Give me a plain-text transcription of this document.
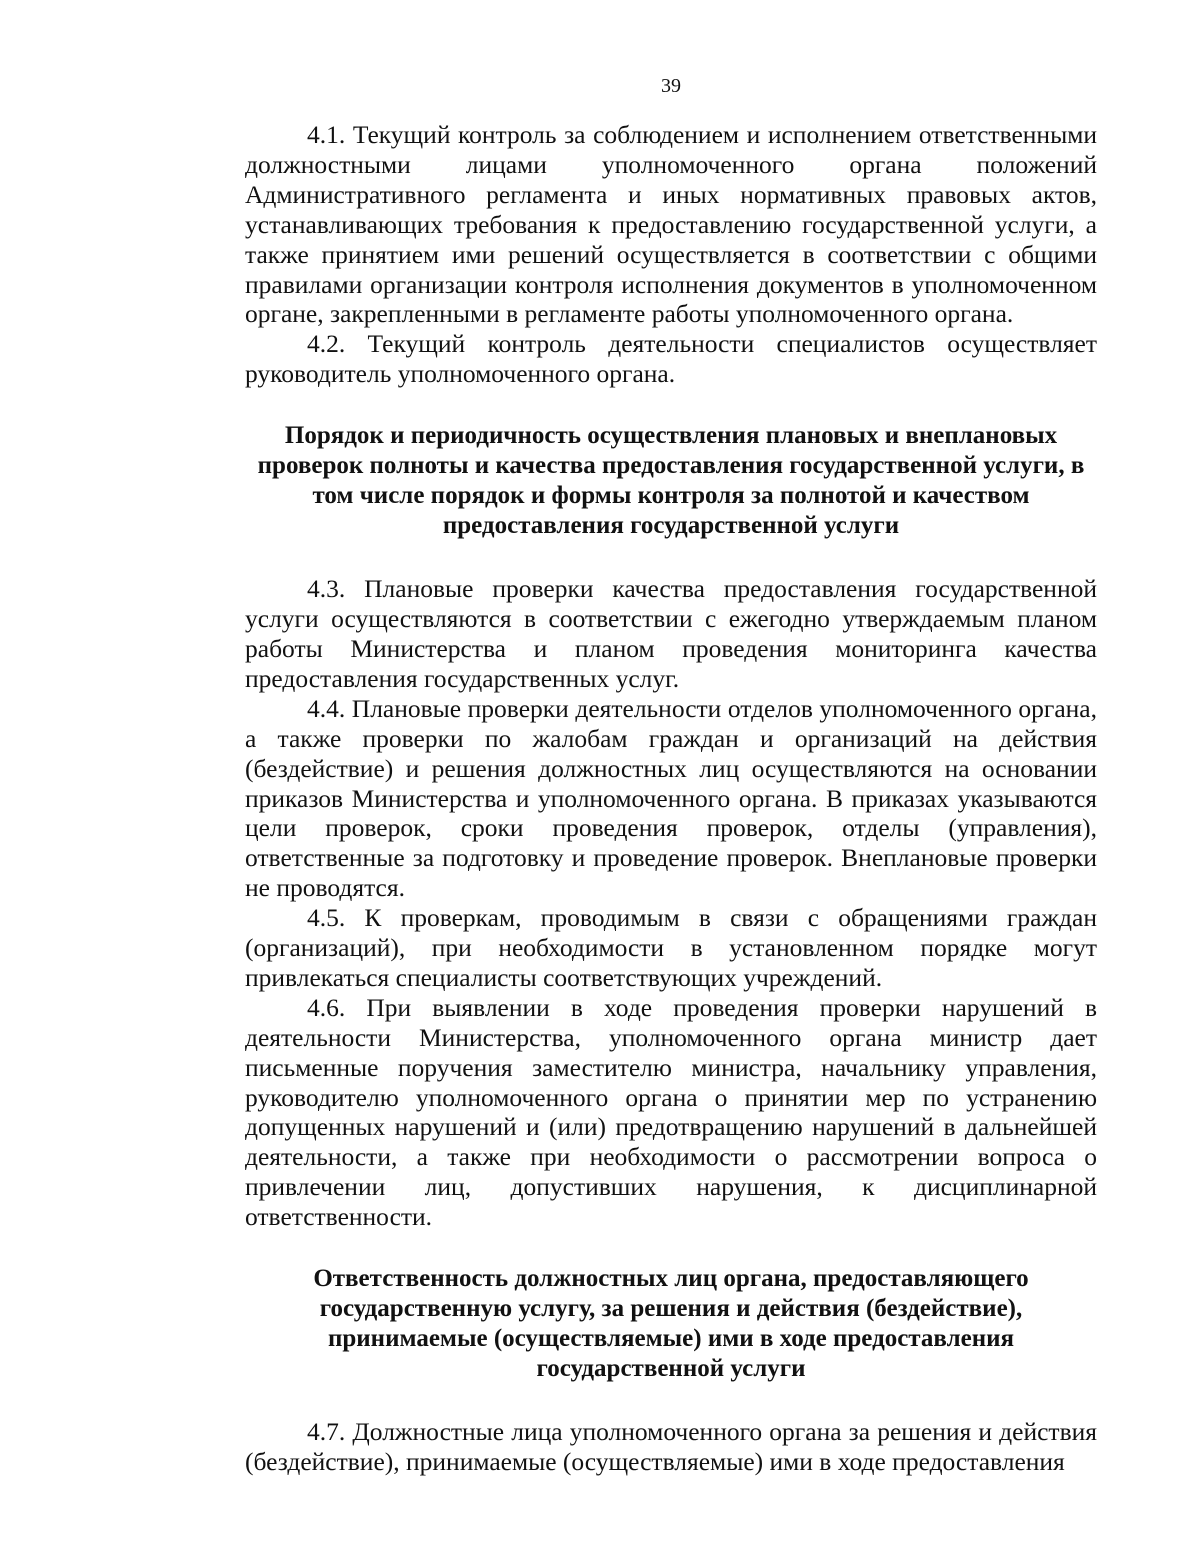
39

4.1. Текущий контроль за соблюдением и исполнением ответственными должностными лицами уполномоченного органа положений Административного регламента и иных нормативных правовых актов, устанавливающих требования к предоставлению государственной услуги, а также принятием ими решений осуществляется в соответствии с общими правилами организации контроля исполнения документов в уполномоченном органе, закрепленными в регламенте работы уполномоченного органа.

4.2. Текущий контроль деятельности специалистов осуществляет руководитель уполномоченного органа.

Порядок и периодичность осуществления плановых и внеплановых проверок полноты и качества предоставления государственной услуги, в том числе порядок и формы контроля за полнотой и качеством предоставления государственной услуги

4.3. Плановые проверки качества предоставления государственной услуги осуществляются в соответствии с ежегодно утверждаемым планом работы Министерства и планом проведения мониторинга качества предоставления государственных услуг.

4.4. Плановые проверки деятельности отделов уполномоченного органа, а также проверки по жалобам граждан и организаций на действия (бездействие) и решения должностных лиц осуществляются на основании приказов Министерства и уполномоченного органа. В приказах указываются цели проверок, сроки проведения проверок, отделы (управления), ответственные за подготовку и проведение проверок. Внеплановые проверки не проводятся.

4.5. К проверкам, проводимым в связи с обращениями граждан (организаций), при необходимости в установленном порядке могут привлекаться специалисты соответствующих учреждений.

4.6. При выявлении в ходе проведения проверки нарушений в деятельности Министерства, уполномоченного органа министр дает письменные поручения заместителю министра, начальнику управления, руководителю уполномоченного органа о принятии мер по устранению допущенных нарушений и (или) предотвращению нарушений в дальнейшей деятельности, а также при необходимости о рассмотрении вопроса о привлечении лиц, допустивших нарушения, к дисциплинарной ответственности.

Ответственность должностных лиц органа, предоставляющего государственную услугу, за решения и действия (бездействие), принимаемые (осуществляемые) ими в ходе предоставления государственной услуги

4.7. Должностные лица уполномоченного органа за решения и действия (бездействие), принимаемые (осуществляемые) ими в ходе предоставления
